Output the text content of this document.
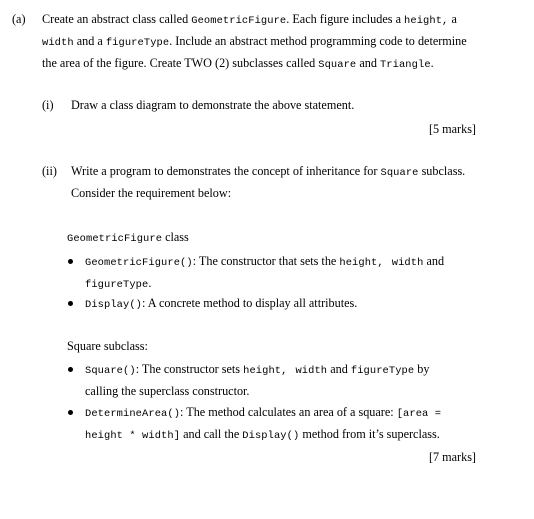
(a) Create an abstract class called GeometricFigure. Each figure includes a height, a
width and a figureType. Include an abstract method programming code to determine
the area of the figure. Create TWO (2) subclasses called Square and Triangle.
(i) Draw a class diagram to demonstrate the above statement.
[5 marks]
(ii) Write a program to demonstrates the concept of inheritance for Square subclass.
Consider the requirement below:
GeometricFigure class
GeometricFigure(): The constructor that sets the height, width and
figureType.
Display(): A concrete method to display all attributes.
Square subclass:
Square(): The constructor sets height, width and figureType by
calling the superclass constructor.
DetermineArea(): The method calculates an area of a square: [area =
height * width] and call the Display() method from it’s superclass.
[7 marks]
